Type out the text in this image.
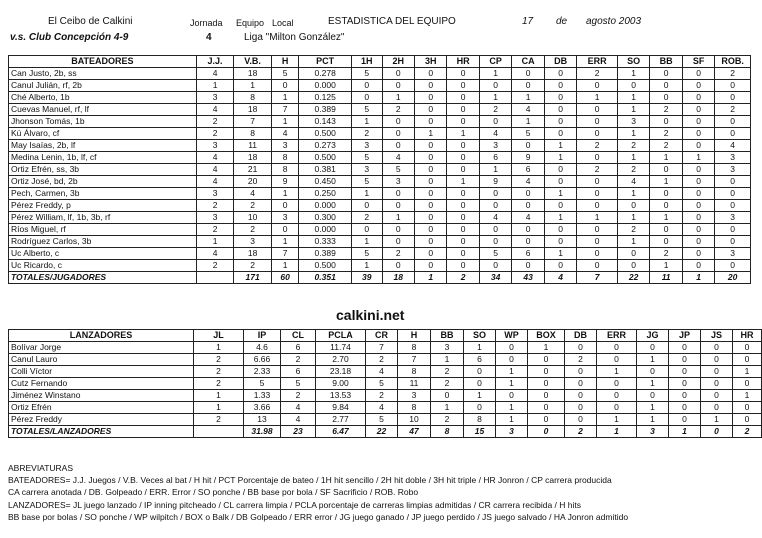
El Ceibo de Calkini	Jornada Equipo Local	ESTADISTICA DEL EQUIPO	17 de agosto 2003
v.s. Club Concepción 4-9	4	Liga "Milton González"
BATEADORES	J.J.	V.B.	H	PCT	1H	2H	3H	HR	CP	CA	DB	ERR	SO	BB	SF	ROB.
Can Justo, 2b, ss	4	18	5	0.278	5	0	0	0	1	0	0	2	1	0	0	2
Canul Julián, rf, 2b	1	1	0	0.000	0	0	0	0	0	0	0	0	0	0	0	0
Ché Alberto, 1b	3	8	1	0.125	0	1	0	0	1	1	0	1	1	0	0	0
Cuevas Manuel, rf, lf	4	18	7	0.389	5	2	0	0	2	4	0	0	1	2	0	2
Jhonson Tomás, 1b	2	7	1	0.143	1	0	0	0	0	1	0	0	3	0	0	0
Kú Álvaro, cf	2	8	4	0.500	2	0	1	1	4	5	0	0	1	2	0	0
May Isaías, 2b, lf	3	11	3	0.273	3	0	0	0	3	0	1	2	2	2	0	4
Medina Lenin, 1b, lf, cf	4	18	8	0.500	5	4	0	0	6	9	1	0	1	1	1	3
Ortiz Efrén, ss, 3b	4	21	8	0.381	3	5	0	0	1	6	0	2	2	0	0	3
Ortiz José, bd, 2b	4	20	9	0.450	5	3	0	1	9	4	0	0	4	1	0	0
Pech, Carmen, 3b	3	4	1	0.250	1	0	0	0	0	0	1	0	1	0	0	0
Pérez Freddy, p	2	2	0	0.000	0	0	0	0	0	0	0	0	0	0	0	0
Pérez William, lf, 1b, 3b, rf	3	10	3	0.300	2	1	0	0	4	4	1	1	1	1	0	3
Ríos Miguel, rf	2	2	0	0.000	0	0	0	0	0	0	0	0	2	0	0	0
Rodríguez Carlos, 3b	1	3	1	0.333	1	0	0	0	0	0	0	0	1	0	0	0
Uc Alberto, c	4	18	7	0.389	5	2	0	0	5	6	1	0	0	2	0	3
Uc Ricardo, c	2	2	1	0.500	1	0	0	0	0	0	0	0	0	1	0	0
TOTALES/JUGADORES		171	60	0.351	39	18	1	2	34	43	4	7	22	11	1	20
calkini.net
LANZADORES	JL	IP	CL	PCLA	CR	H	BB	SO	WP	BOX	DB	ERR	JG	JP	JS	HR
Bolívar Jorge	1	4.6	6	11.74	7	8	3	1	0	1	0	0	0	0	0	0
Canul Lauro	2	6.66	2	2.70	2	7	1	6	0	0	2	0	1	0	0	0
Colli Víctor	2	2.33	6	23.18	4	8	2	0	1	0	0	1	0	0	0	1
Cutz Fernando	2	5	5	9.00	5	11	2	0	1	0	0	0	1	0	0	0
Jiménez Winstano	1	1.33	2	13.53	2	3	0	1	0	0	0	0	0	0	0	1
Ortiz Efrén	1	3.66	4	9.84	4	8	1	0	1	0	0	0	1	0	0	0
Pérez Freddy	2	13	4	2.77	5	10	2	8	1	0	0	1	1	0	1	0
TOTALES/LANZADORES		31.98	23	6.47	22	47	8	15	3	0	2	1	3	1	0	2
ABREVIATURAS
BATEADORES= J.J. Juegos / V.B. Veces al bat / H hit / PCT Porcentaje de bateo / 1H hit sencillo / 2H hit doble / 3H hit triple / HR Jonron / CP carrera producida
CA carrera anotada / DB. Golpeado / ERR. Error / SO ponche / BB base por bola / SF Sacrificio / ROB. Robo
LANZADORES= JL juego lanzado / IP inning pitcheado / CL carrera limpia / PCLA porcentaje de carreras limpias admitidas / CR carrera recibida / H hits
BB base por bolas / SO ponche / WP wilpitch / BOX o Balk / DB Golpeado / ERR error / JG juego ganado / JP juego perdido / JS juego salvado / HA Jonron admitido
